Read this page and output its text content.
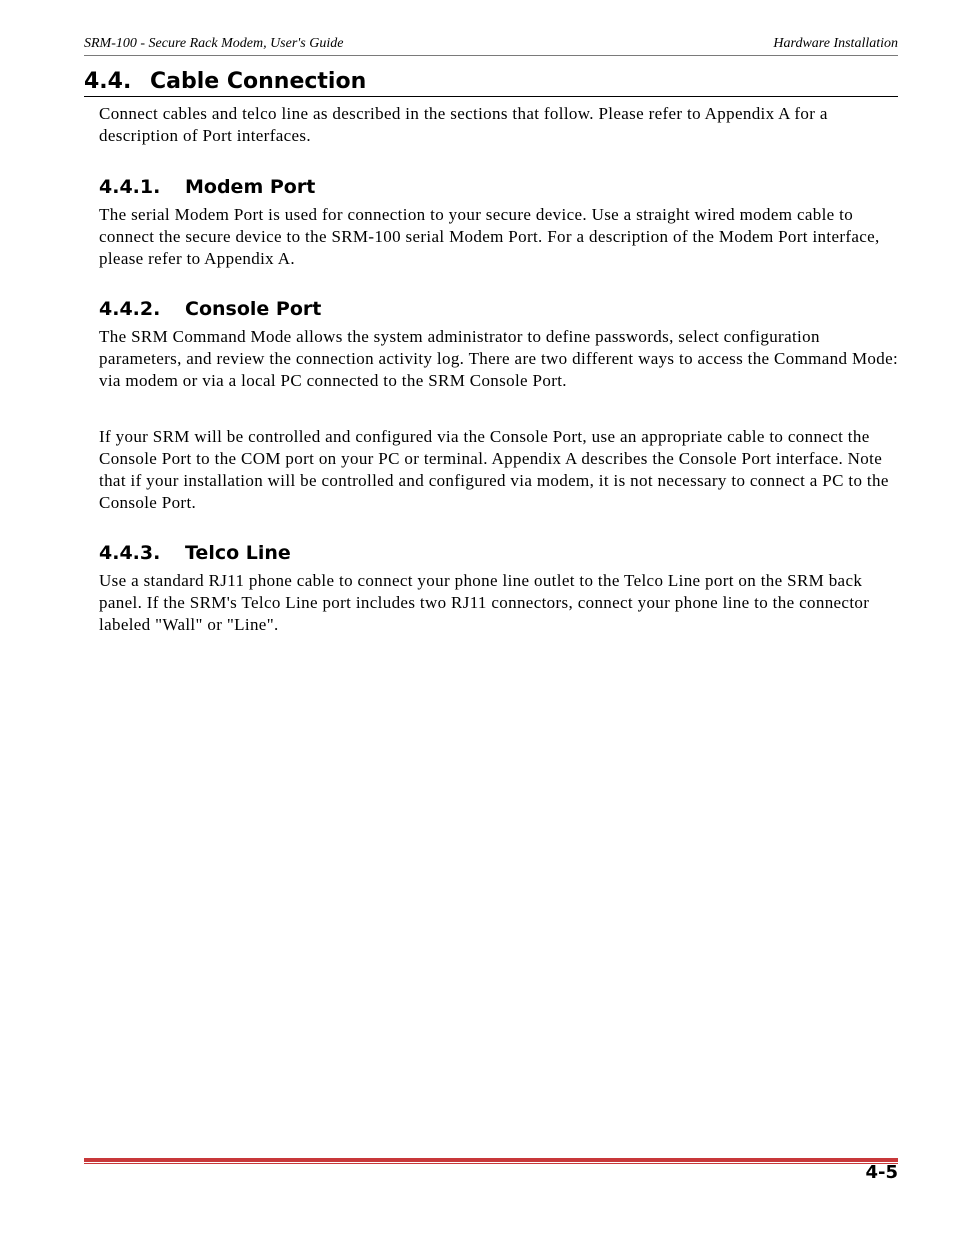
SRM-100 - Secure Rack Modem, User's Guide	Hardware Installation
4.4. Cable Connection

Connect cables and telco line as described in the sections that follow. Please refer to Appendix A for a description of Port interfaces.

4.4.1. Modem Port

The serial Modem Port is used for connection to your secure device. Use a straight wired modem cable to connect the secure device to the SRM-100 serial Modem Port. For a description of the Modem Port interface, please refer to Appendix A.

4.4.2. Console Port

The SRM Command Mode allows the system administrator to define passwords, select configuration parameters, and review the connection activity log. There are two different ways to access the Command Mode: via modem or via a local PC connected to the SRM Console Port.

If your SRM will be controlled and configured via the Console Port, use an appropriate cable to connect the Console Port to the COM port on your PC or terminal. Appendix A describes the Console Port interface. Note that if your installation will be controlled and configured via modem, it is not necessary to connect a PC to the Console Port.

4.4.3. Telco Line

Use a standard RJ11 phone cable to connect your phone line outlet to the Telco Line port on the SRM back panel. If the SRM's Telco Line port includes two RJ11 connectors, connect your phone line to the connector labeled "Wall" or "Line".

4-5
